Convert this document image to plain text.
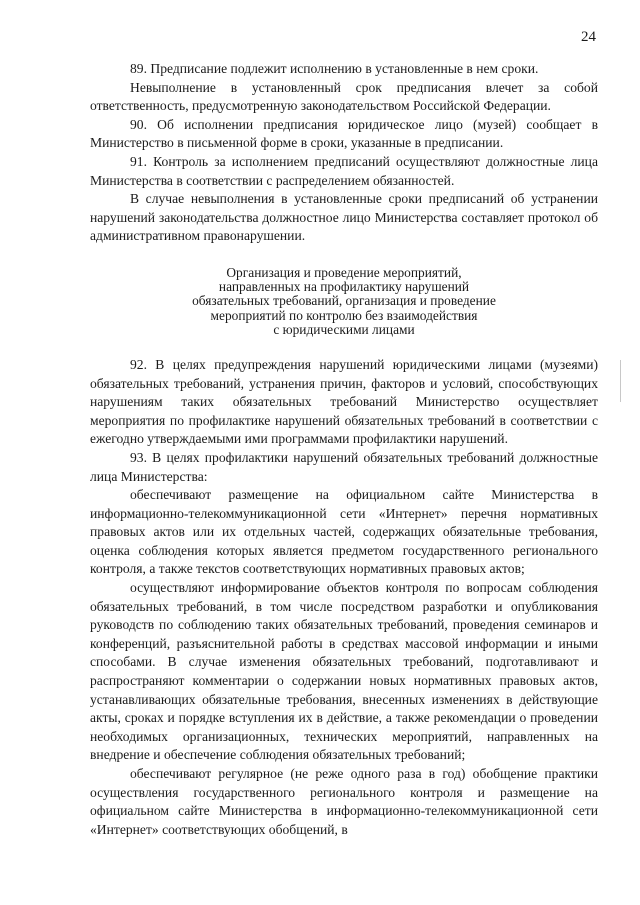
24

89. Предписание подлежит исполнению в установленные в нем сроки.

Невыполнение в установленный срок предписания влечет за собой ответственность, предусмотренную законодательством Российской Федерации.

90. Об исполнении предписания юридическое лицо (музей) сообщает в Министерство в письменной форме в сроки, указанные в предписании.

91. Контроль за исполнением предписаний осуществляют должностные лица Министерства в соответствии с распределением обязанностей.

В случае невыполнения в установленные сроки предписаний об устранении нарушений законодательства должностное лицо Министерства составляет протокол об административном правонарушении.

Организация и проведение мероприятий,
направленных на профилактику нарушений
обязательных требований, организация и проведение
мероприятий по контролю без взаимодействия
с юридическими лицами

92. В целях предупреждения нарушений юридическими лицами (музеями) обязательных требований, устранения причин, факторов и условий, способствующих нарушениям таких обязательных требований Министерство осуществляет мероприятия по профилактике нарушений обязательных требований в соответствии с ежегодно утверждаемыми ими программами профилактики нарушений.

93. В целях профилактики нарушений обязательных требований должностные лица Министерства:

обеспечивают размещение на официальном сайте Министерства в информационно-телекоммуникационной сети «Интернет» перечня нормативных правовых актов или их отдельных частей, содержащих обязательные требования, оценка соблюдения которых является предметом государственного регионального контроля, а также текстов соответствующих нормативных правовых актов;

осуществляют информирование объектов контроля по вопросам соблюдения обязательных требований, в том числе посредством разработки и опубликования руководств по соблюдению таких обязательных требований, проведения семинаров и конференций, разъяснительной работы в средствах массовой информации и иными способами. В случае изменения обязательных требований, подготавливают и распространяют комментарии о содержании новых нормативных правовых актов, устанавливающих обязательные требования, внесенных изменениях в действующие акты, сроках и порядке вступления их в действие, а также рекомендации о проведении необходимых организационных, технических мероприятий, направленных на внедрение и обеспечение соблюдения обязательных требований;

обеспечивают регулярное (не реже одного раза в год) обобщение практики осуществления государственного регионального контроля и размещение на официальном сайте Министерства в информационно-телекоммуникационной сети «Интернет» соответствующих обобщений, в
